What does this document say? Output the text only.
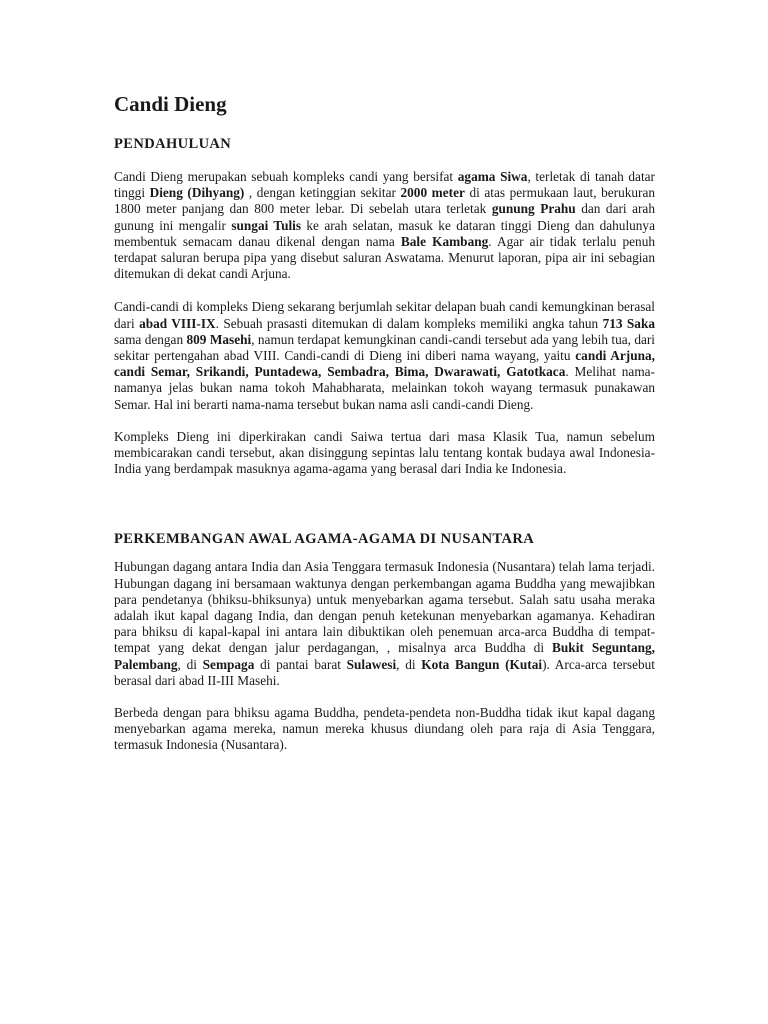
Candi Dieng
PENDAHULUAN

Candi Dieng merupakan sebuah kompleks candi yang bersifat agama Siwa, terletak di tanah datar tinggi Dieng (Dihyang) , dengan ketinggian sekitar 2000 meter di atas permukaan laut, berukuran 1800 meter panjang dan 800 meter lebar. Di sebelah utara terletak gunung Prahu dan dari arah gunung ini mengalir sungai Tulis ke arah selatan, masuk ke dataran tinggi Dieng dan dahulunya membentuk semacam danau dikenal dengan nama Bale Kambang. Agar air tidak terlalu penuh terdapat saluran berupa pipa yang disebut saluran Aswatama. Menurut laporan, pipa air ini sebagian ditemukan di dekat candi Arjuna.

Candi-candi di kompleks Dieng sekarang berjumlah sekitar delapan buah candi kemungkinan berasal dari abad VIII-IX. Sebuah prasasti ditemukan di dalam kompleks memiliki angka tahun 713 Saka sama dengan 809 Masehi, namun terdapat kemungkinan candi-candi tersebut ada yang lebih tua, dari sekitar pertengahan abad VIII. Candi-candi di Dieng ini diberi nama wayang, yaitu candi Arjuna, candi Semar, Srikandi, Puntadewa, Sembadra, Bima, Dwarawati, Gatotkaca. Melihat nama-namanya jelas bukan nama tokoh Mahabharata, melainkan tokoh wayang termasuk punakawan Semar. Hal ini berarti nama-nama tersebut bukan nama asli candi-candi Dieng.

Kompleks Dieng ini diperkirakan candi Saiwa tertua dari masa Klasik Tua, namun sebelum membicarakan candi tersebut, akan disinggung sepintas lalu tentang kontak budaya awal Indonesia-India yang berdampak masuknya agama-agama yang berasal dari India ke Indonesia.

PERKEMBANGAN AWAL AGAMA-AGAMA DI NUSANTARA

Hubungan dagang antara India dan Asia Tenggara termasuk Indonesia (Nusantara) telah lama terjadi. Hubungan dagang ini bersamaan waktunya dengan perkembangan agama Buddha yang mewajibkan para pendetanya (bhiksu-bhiksunya) untuk menyebarkan agama tersebut. Salah satu usaha meraka adalah ikut kapal dagang India, dan dengan penuh ketekunan menyebarkan agamanya. Kehadiran para bhiksu di kapal-kapal ini antara lain dibuktikan oleh penemuan arca-arca Buddha di tempat-tempat yang dekat dengan jalur perdagangan, , misalnya arca Buddha di Bukit Seguntang, Palembang, di Sempaga di pantai barat Sulawesi, di Kota Bangun (Kutai). Arca-arca tersebut berasal dari abad II-III Masehi.

Berbeda dengan para bhiksu agama Buddha, pendeta-pendeta non-Buddha tidak ikut kapal dagang menyebarkan agama mereka, namun mereka khusus diundang oleh para raja di Asia Tenggara, termasuk Indonesia (Nusantara).
